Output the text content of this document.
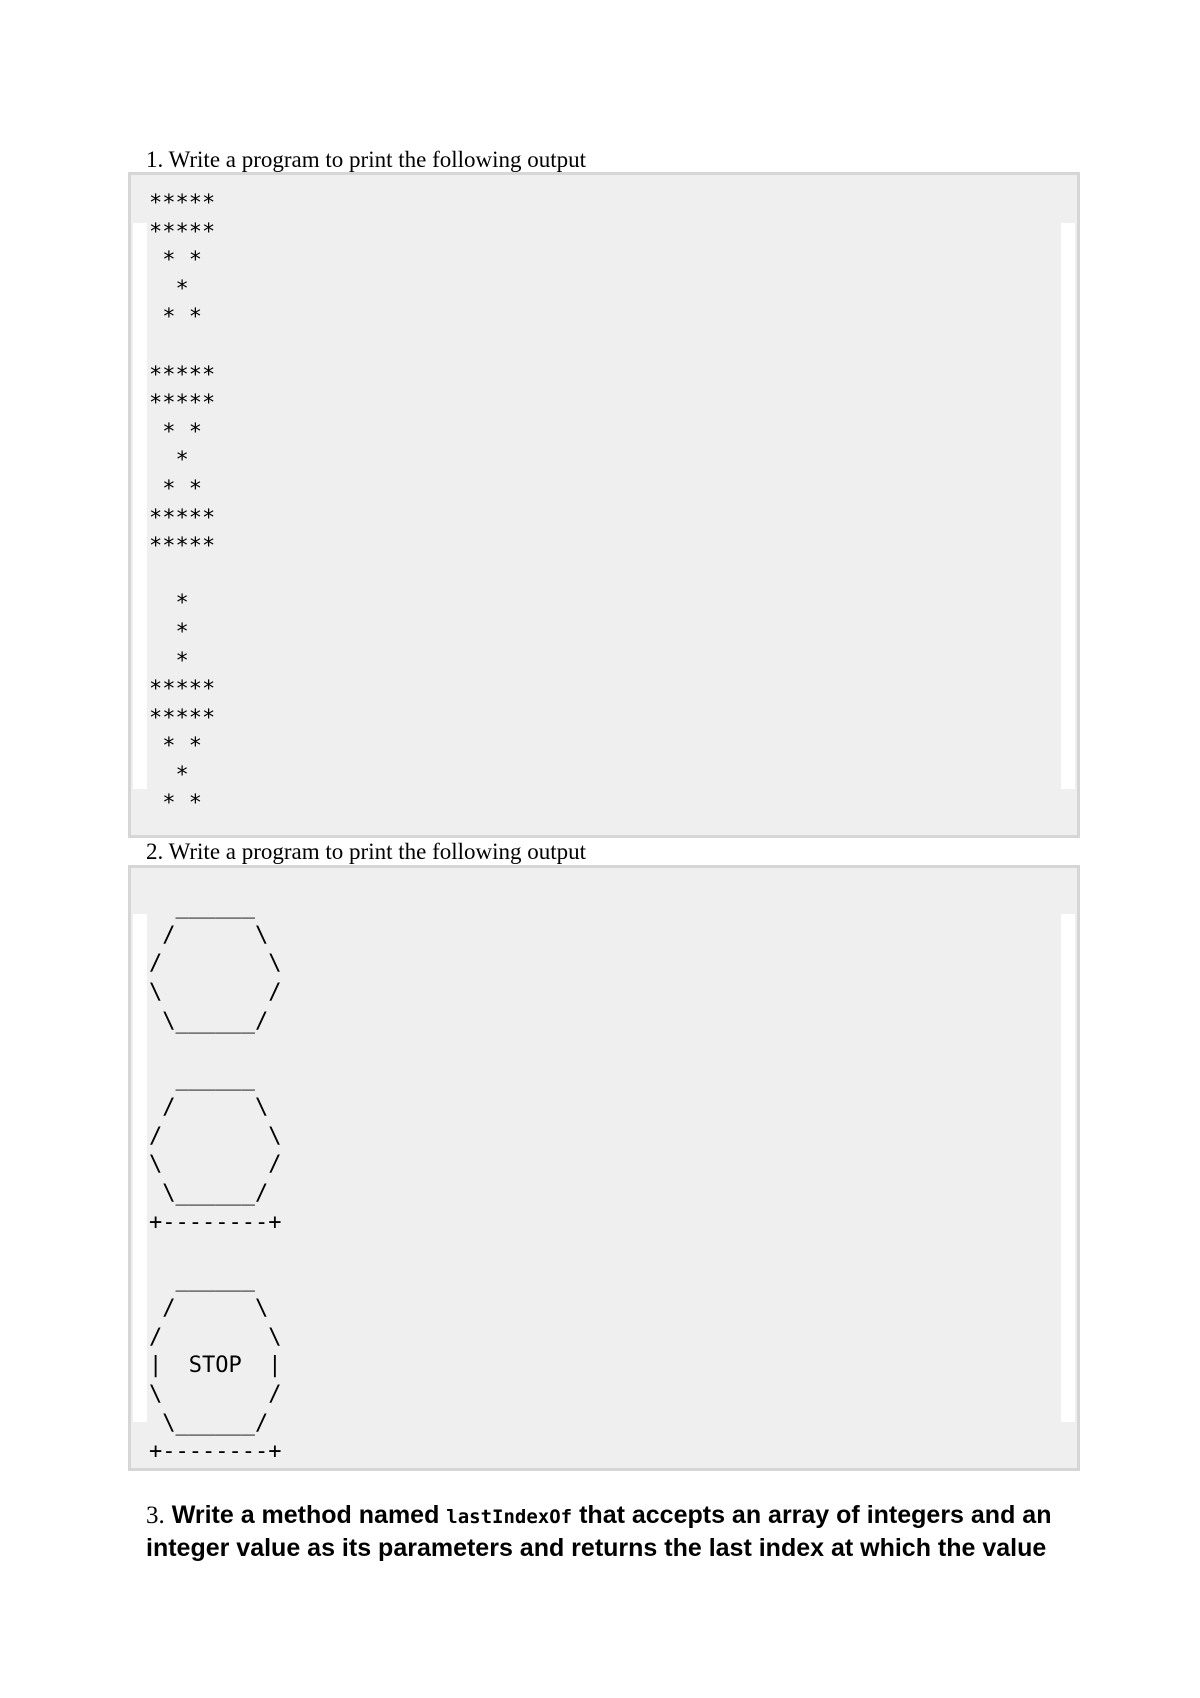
1. Write a program to print the following output
*****
*****
* *
*
* *

*****
*****
* *
*
* *
*****
*****

*
*
*
*****
*****
* *
*
* *
2. Write a program to print the following output
______
/      \
/        \
\        /
\______/

______
/      \
/        \
\        /
\______/
+--------+

______
/      \
/        \
|  STOP  |
\        /
\______/
+--------+
3. Write a method named lastIndexOf that accepts an array of integers and an integer value as its parameters and returns the last index at which the value
